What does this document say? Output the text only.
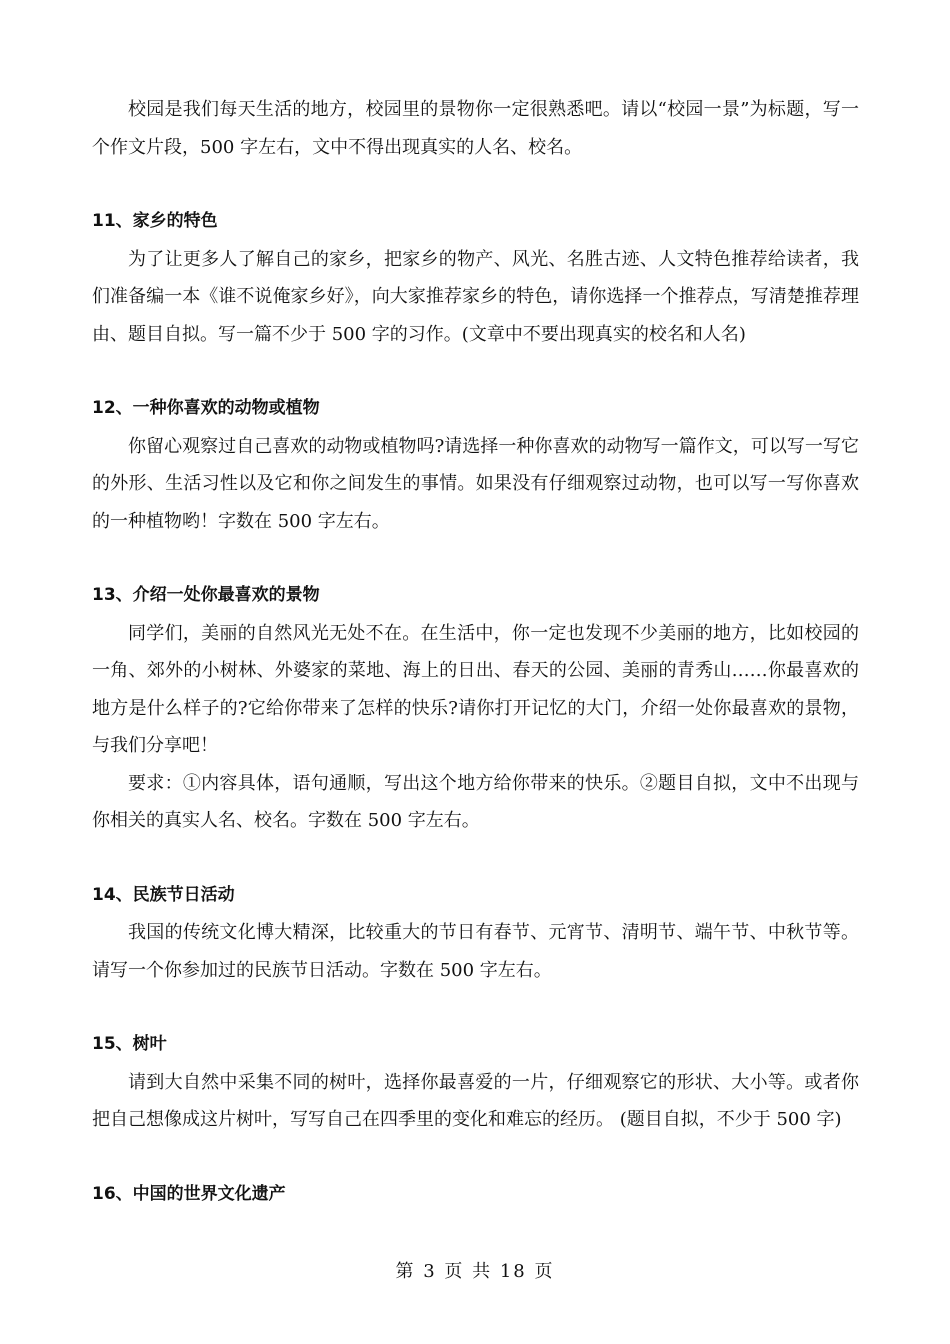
校园是我们每天生活的地方，校园里的景物你一定很熟悉吧。请以“校园一景”为标题，写一个作文片段，500 字左右，文中不得出现真实的人名、校名。

11、家乡的特色

为了让更多人了解自己的家乡，把家乡的物产、风光、名胜古迹、人文特色推荐给读者，我们准备编一本《谁不说俺家乡好》，向大家推荐家乡的特色，请你选择一个推荐点，写清楚推荐理由、题目自拟。写一篇不少于 500 字的习作。(文章中不要出现真实的校名和人名)

12、一种你喜欢的动物或植物

你留心观察过自己喜欢的动物或植物吗?请选择一种你喜欢的动物写一篇作文，可以写一写它的外形、生活习性以及它和你之间发生的事情。如果没有仔细观察过动物，也可以写一写你喜欢的一种植物哟！字数在 500 字左右。

13、介绍一处你最喜欢的景物

同学们，美丽的自然风光无处不在。在生活中，你一定也发现不少美丽的地方，比如校园的一角、郊外的小树林、外婆家的菜地、海上的日出、春天的公园、美丽的青秀山……你最喜欢的地方是什么样子的?它给你带来了怎样的快乐?请你打开记忆的大门，介绍一处你最喜欢的景物，与我们分享吧！

要求：①内容具体，语句通顺，写出这个地方给你带来的快乐。②题目自拟，文中不出现与你相关的真实人名、校名。字数在 500 字左右。

14、民族节日活动

我国的传统文化博大精深，比较重大的节日有春节、元宵节、清明节、端午节、中秋节等。请写一个你参加过的民族节日活动。字数在 500 字左右。

15、树叶

请到大自然中采集不同的树叶，选择你最喜爱的一片，仔细观察它的形状、大小等。或者你把自己想像成这片树叶，写写自己在四季里的变化和难忘的经历。 (题目自拟，不少于 500 字)

16、中国的世界文化遗产
第 3 页 共 18 页
